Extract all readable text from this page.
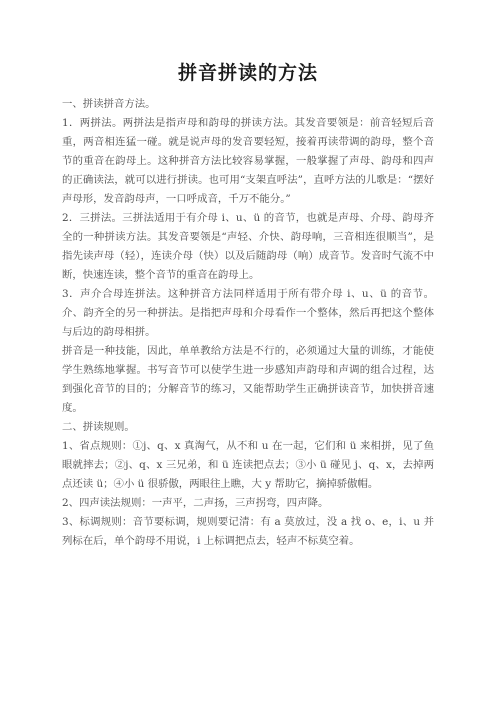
拼音拼读的方法

一、拼读拼音方法。

1．两拼法。两拼法是指声母和韵母的拼读方法。其发音要领是：前音轻短后音重，两音相连猛一碰。就是说声母的发音要轻短，接着再读带调的韵母，整个音节的重音在韵母上。这种拼音方法比较容易掌握，一般掌握了声母、韵母和四声的正确读法，就可以进行拼读。也可用“支架直呼法”，直呼方法的儿歌是：“摆好声母形，发音韵母声，一口呼成音，千万不能分。”

2．三拼法。三拼法适用于有介母 i、u、ü 的音节，也就是声母、介母、韵母齐全的一种拼读方法。其发音要领是“声轻、介快、韵母响，三音相连很顺当”，是指先读声母（轻），连读介母（快）以及后随韵母（响）成音节。发音时气流不中断，快速连读，整个音节的重音在韵母上。

3．声介合母连拼法。这种拼音方法同样适用于所有带介母 i、u、ü 的音节。介、韵齐全的另一种拼法。是指把声母和介母看作一个整体，然后再把这个整体与后边的韵母相拼。

拼音是一种技能，因此，单单教给方法是不行的，必须通过大量的训练，才能使学生熟练地掌握。书写音节可以使学生进一步感知声韵母和声调的组合过程，达到强化音节的目的；分解音节的练习，又能帮助学生正确拼读音节，加快拼音速度。

二、拼读规则。

1、省点规则：①j、q、x 真淘气，从不和 u 在一起，它们和 ü 来相拼，见了鱼眼就摔去；②j、q、x 三兄弟，和 ü 连读把点去；③小 ü 碰见 j、q、x，去掉两点还读 ü；④小 ü 很骄傲，两眼往上瞧，大 y 帮助它，摘掉骄傲帽。

2、四声读法规则：一声平，二声扬，三声拐弯，四声降。

3、标调规则：音节要标调，规则要记清：有 a 莫放过，没 a 找 o、e，i、u 并列标在后，单个韵母不用说，i 上标调把点去，轻声不标莫空着。
